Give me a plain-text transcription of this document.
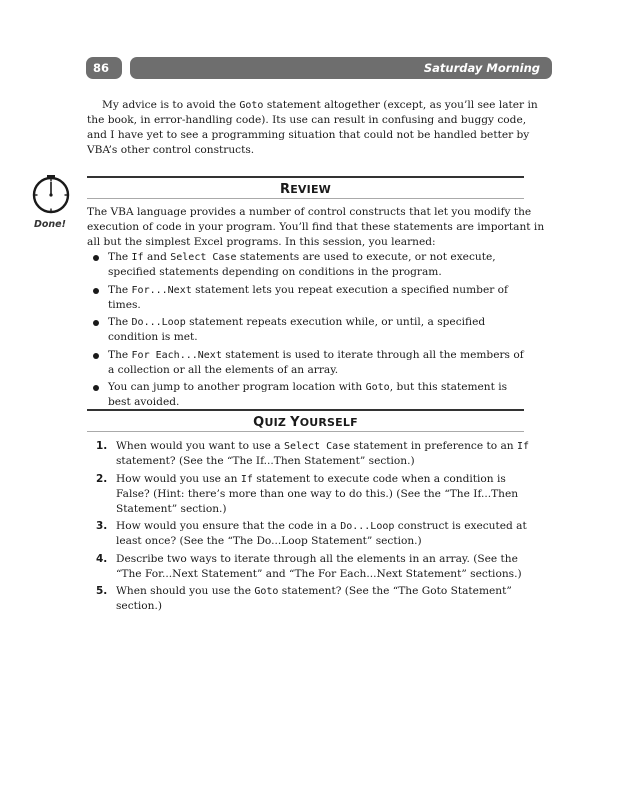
86	Saturday Morning

My advice is to avoid the Goto statement altogether (except, as you’ll see later in the book, in error-handling code). Its use can result in confusing and buggy code, and I have yet to see a programming situation that could not be handled better by VBA’s other control constructs.

Done!
REVIEW

The VBA language provides a number of control constructs that let you modify the execution of code in your program. You’ll find that these statements are important in all but the simplest Excel programs. In this session, you learned:

The If and Select Case statements are used to execute, or not execute, specified statements depending on conditions in the program.
The For...Next statement lets you repeat execution a specified number of times.
The Do...Loop statement repeats execution while, or until, a specified condition is met.
The For Each...Next statement is used to iterate through all the members of a collection or all the elements of an array.
You can jump to another program location with Goto, but this statement is best avoided.
QUIZ YOURSELF
1. When would you want to use a Select Case statement in preference to an If statement? (See the “The If...Then Statement” section.)
2. How would you use an If statement to execute code when a condition is False? (Hint: there’s more than one way to do this.) (See the “The If...Then Statement” section.)
3. How would you ensure that the code in a Do...Loop construct is executed at least once? (See the “The Do...Loop Statement” section.)
4. Describe two ways to iterate through all the elements in an array. (See the “The For...Next Statement” and “The For Each...Next Statement” sections.)
5. When should you use the Goto statement? (See the “The Goto Statement” section.)
